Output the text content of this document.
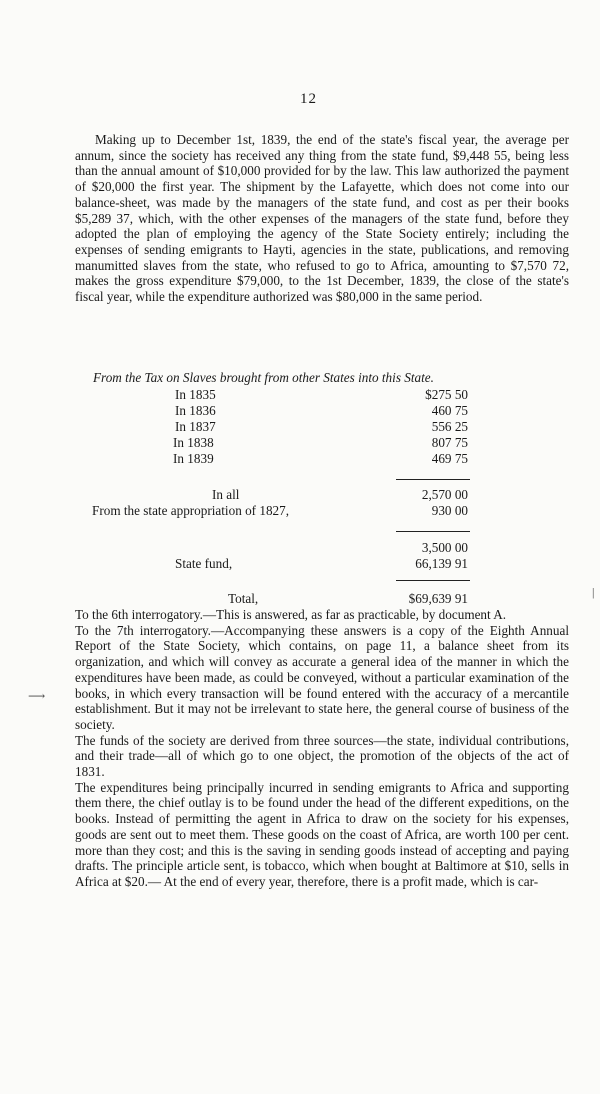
12
Making up to December 1st, 1839, the end of the state's fiscal year, the average per annum, since the society has received any thing from the state fund, $9,448 55, being less than the annual amount of $10,000 provided for by the law. This law authorized the payment of $20,000 the first year. The shipment by the Lafayette, which does not come into our balance-sheet, was made by the managers of the state fund, and cost as per their books $5,289 37, which, with the other expenses of the managers of the state fund, before they adopted the plan of employing the agency of the State Society entirely; including the expenses of sending emigrants to Hayti, agencies in the state, publications, and removing manumitted slaves from the state, who refused to go to Africa, amounting to $7,570 72, makes the gross expenditure $79,000, to the 1st December, 1839, the close of the state's fiscal year, while the expenditure authorized was $80,000 in the same period.
From the Tax on Slaves brought from other States into this State.
In 1835	$275 50
In 1836	460 75
In 1837	556 25
In 1838	807 75
In 1839	469 75
In all	2,570 00
From the state appropriation of 1827,	930 00
3,500 00
State fund,	66,139 91
Total,	$69,639 91

To the 6th interrogatory.—This is answered, as far as practicable, by document A.

To the 7th interrogatory.—Accompanying these answers is a copy of the Eighth Annual Report of the State Society, which contains, on page 11, a balance sheet from its organization, and which will convey as accurate a general idea of the manner in which the expenditures have been made, as could be conveyed, without a particular examination of the books, in which every transaction will be found entered with the accuracy of a mercantile establishment. But it may not be irrelevant to state here, the general course of business of the society.

The funds of the society are derived from three sources—the state, individual contributions, and their trade—all of which go to one object, the promotion of the objects of the act of 1831.

The expenditures being principally incurred in sending emigrants to Africa and supporting them there, the chief outlay is to be found under the head of the different expeditions, on the books. Instead of permitting the agent in Africa to draw on the society for his expenses, goods are sent out to meet them. These goods on the coast of Africa, are worth 100 per cent. more than they cost; and this is the saving in sending goods instead of accepting and paying drafts. The principle article sent, is tobacco, which when bought at Baltimore at $10, sells in Africa at $20.— At the end of every year, therefore, there is a profit made, which is car-

⟶
|
